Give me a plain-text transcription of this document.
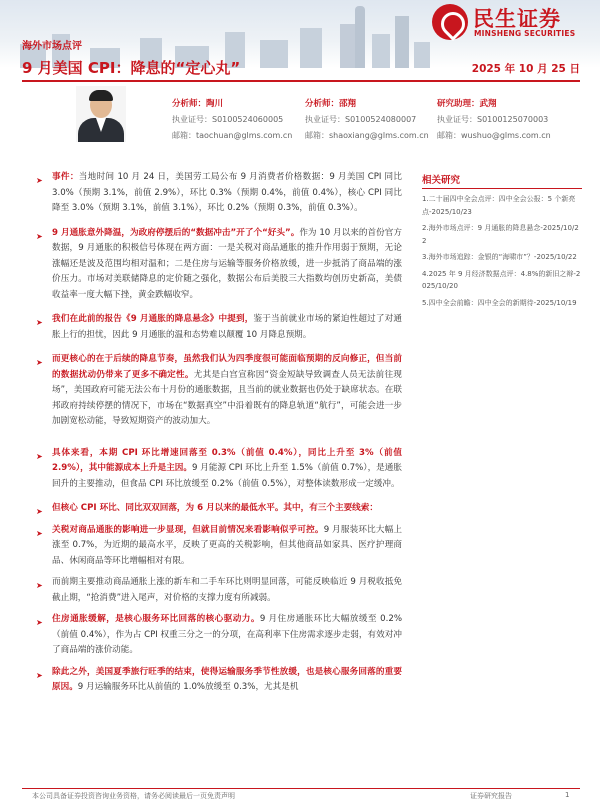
民生证券
MINSHENG SECURITIES
海外市场点评
9 月美国 CPI：降息的“定心丸”	2025 年 10 月 25 日
分析师：陶川
执业证号：S0100524060005
邮箱：taochuan@glms.com.cn
分析师：邵翔
执业证号：S0100524080007
邮箱：shaoxiang@glms.com.cn
研究助理：武翔
执业证号：S0100125070003
邮箱：wushuo@glms.com.cn
➤ 事件：当地时间 10 月 24 日，美国劳工局公布 9 月消费者价格数据：9 月美国 CPI 同比 3.0%（预期 3.1%，前值 2.9%），环比 0.3%（预期 0.4%，前值 0.4%），核心 CPI 同比降至 3.0%（预期 3.1%，前值 3.1%），环比 0.2%（预期 0.3%，前值 0.3%）。
➤ 9 月通胀意外降温，为政府停摆后的“数据冲击”开了个“好头”。作为 10 月以来的首份官方数据，9 月通胀的积极信号体现在两方面：一是关税对商品通胀的推升作用弱于预期，无论涨幅还是波及范围均相对温和；二是住房与运输等服务价格放缓，进一步抵消了商品端的涨价压力。市场对美联储降息的定价随之强化，数据公布后美股三大指数均创历史新高，美债收益率一度大幅下挫，黄金跌幅收窄。
➤ 我们在此前的报告《9 月通胀的降息悬念》中提到，鉴于当前就业市场的紧迫性超过了对通胀上行的担忧，因此 9 月通胀的温和态势难以颠覆 10 月降息预期。
➤ 而更核心的在于后续的降息节奏，虽然我们认为四季度很可能面临预期的反向修正，但当前的数据扰动仍带来了更多不确定性。尤其是白宫宣称因“资金短缺导致调查人员无法前往现场”，美国政府可能无法公布十月份的通胀数据，且当前的就业数据也仍处于缺席状态。在联邦政府持续停摆的情况下，市场在“数据真空”中沿着既有的降息轨道“航行”，可能会进一步加剧宽松动能，导致短期资产的波动加大。
➤ 具体来看，本期 CPI 环比增速回落至 0.3%（前值 0.4%），同比上升至 3%（前值 2.9%），其中能源成本上升是主因。9 月能源 CPI 环比上升至 1.5%（前值 0.7%），是通胀回升的主要推动，但食品 CPI 环比放缓至 0.2%（前值 0.5%），对整体读数形成一定缓冲。
➤ 但核心 CPI 环比、同比双双回落，为 6 月以来的最低水平。其中，有三个主要线索：
➤ 关税对商品通胀的影响进一步显现，但就目前情况来看影响似乎可控。9 月服装环比大幅上涨至 0.7%，为近期的最高水平，反映了更高的关税影响，但其他商品如家具、医疗护理商品、休闲商品等环比增幅相对有限。
➤ 而前期主要推动商品通胀上涨的新车和二手车环比则明显回落，可能反映临近 9 月税收抵免截止期，“抢消费”进入尾声，对价格的支撑力度有所减弱。
➤ 住房通胀缓解，是核心服务环比回落的核心驱动力。9 月住房通胀环比大幅放缓至 0.2%（前值 0.4%），作为占 CPI 权重三分之一的分项，在高利率下住房需求逐步走弱，有效对冲了商品端的涨价动能。
➤ 除此之外，美国夏季旅行旺季的结束，使得运输服务季节性放缓，也是核心服务回落的重要原因。9 月运输服务环比从前值的 1.0%放缓至 0.3%，尤其是机
相关研究
1.二十届四中全会点评：四中全会公报：5 个新亮点-2025/10/23
2.海外市场点评：9 月通胀的降息悬念-2025/10/22
3.海外市场追踪：金银的“海啸市”？-2025/10/22
4.2025 年 9 月经济数据点评：4.8%的新旧之辩-2025/10/20
5.四中全会前瞻：四中全会的新期待-2025/10/19
本公司具备证券投资咨询业务资格，请务必阅读最后一页免责声明	证券研究报告	1
